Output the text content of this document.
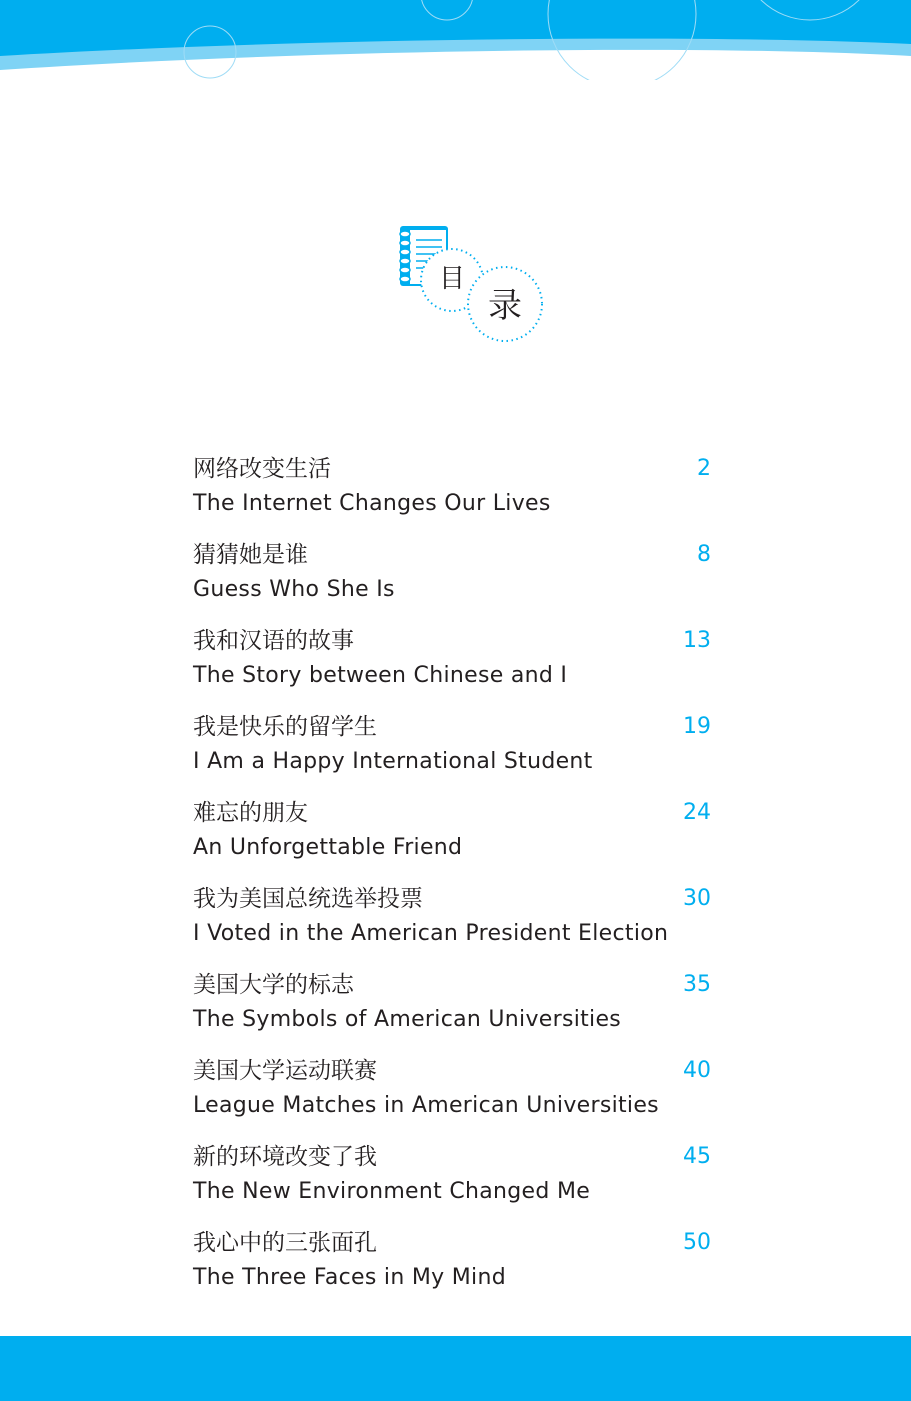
目
录
网络改变生活
The Internet Changes Our Lives
2
猜猜她是谁
Guess Who She Is
8
我和汉语的故事
The Story between Chinese and I
13
我是快乐的留学生
I Am a Happy International Student
19
难忘的朋友
An Unforgettable Friend
24
我为美国总统选举投票
I Voted in the American President Election
30
美国大学的标志
The Symbols of American Universities
35
美国大学运动联赛
League Matches in American Universities
40
新的环境改变了我
The New Environment Changed Me
45
我心中的三张面孔
The Three Faces in My Mind
50
